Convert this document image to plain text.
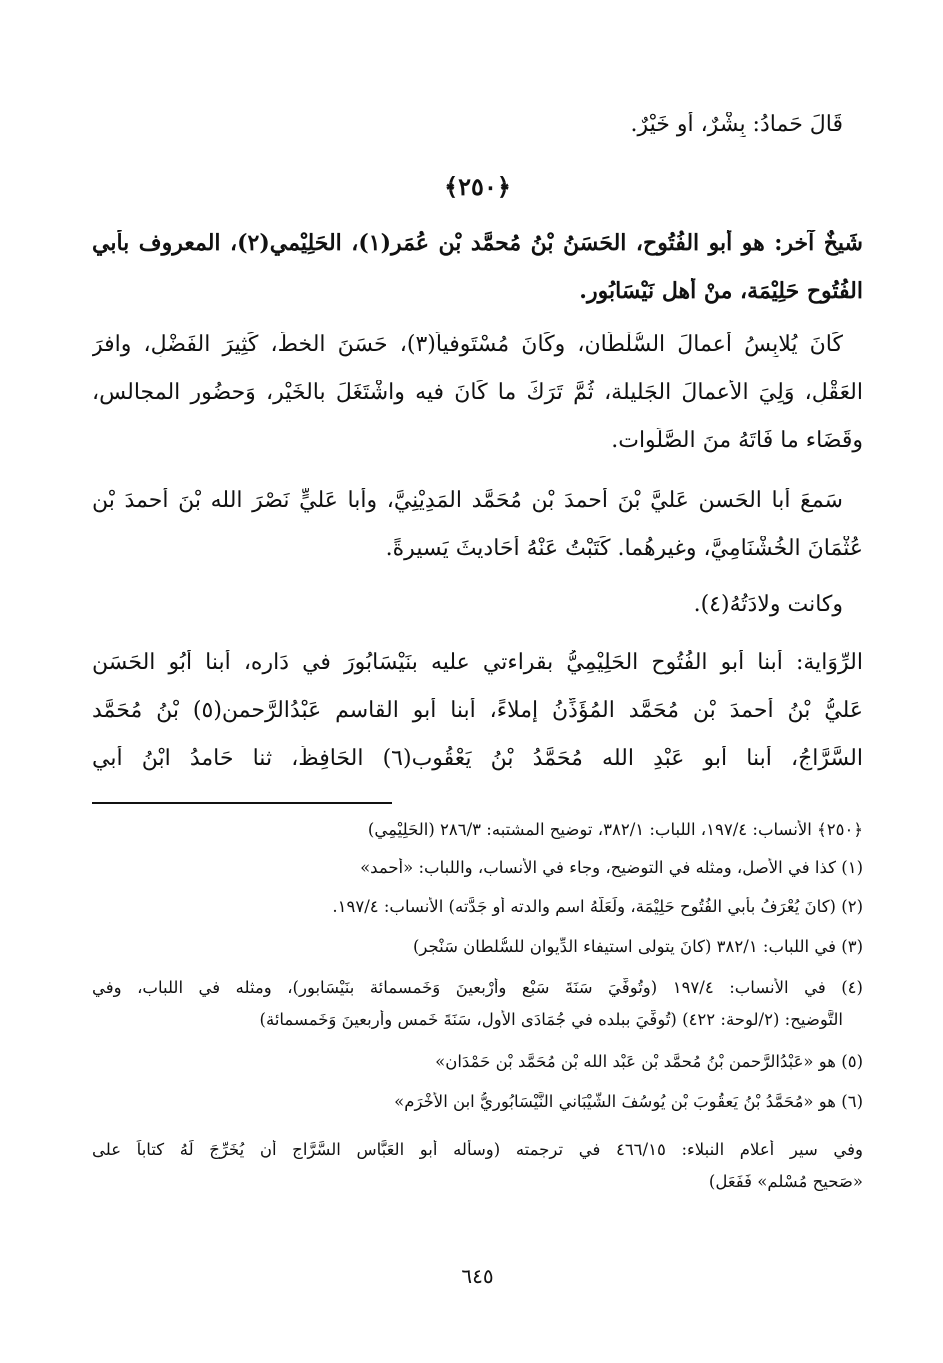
قَالَ حَمادُ: بِشْرٌ، أو خَيْرٌ.
﴿٢٥٠﴾
شَيخٌ آخر: هو أبو الفُتُوح، الحَسَنُ بْنُ مُحمَّد بْن عُمَر(١)، الحَلِيْمي(٢)، المعروف بأبي
الفُتُوح حَلِيْمَة، منْ أهل نَيْسَابُور.
كَانَ يُلابِسُ أعمالَ السُّلْطَان، وكَانَ مُسْتَوفياً(٣)، حَسَنَ الخطِّ، كَثِيرَ الفَضْلِ، وافرَ
العَقْلِ، وَلِيَ الأعمالَ الجَليلة، ثُمَّ تَرَكَ ما كَانَ فيه واشْتَغَلَ بالخَيْر، وَحضُور المجالسِ،
وقَضَاء ما فَاتَهُ منَ الصَّلَوات.
سَمعَ أبا الحَسن عَليَّ بْنَ أحمدَ بْن مُحَمَّد المَدِيْنِيَّ، وأبا عَليٍّ نَصْرَ الله بْنَ أحمدَ بْن
عُثْمَانَ الخُشْنَامِيَّ، وغيرهُما. كَتَبْتُ عَنْهُ أحَاديثَ يَسيرةً.
وكانت ولادَتُهُ(٤).
الرِّوَاية: أبنا أبو الفُتُوح الحَلِيْمِيُّ بقراءتي عليه بنَيْسَابُورَ في دَارِه، أبنا أبُو الحَسَن
عَليُّ بْنُ أحمدَ بْن مُحَمَّد المُؤَذِّنُ إملاءً، أبنا أبو القاسم عَبْدُالرَّحمن(٥) بْنُ مُحَمَّد
السَّرَّاجُ، أبنا أبو عَبْدِ الله مُحَمَّدُ بْنُ يَعْقُوب(٦) الحَافِظُ، ثنا حَامدُ ابْنُ أبي
﴿٢٥٠﴾ الأنساب: ١٩٧/٤، اللباب: ٣٨٢/١، توضيح المشتبه: ٢٨٦/٣ (الحَلِيْمِي)
(١) كذا في الأصل، ومثله في التوضيح، وجاء في الأنساب، واللباب: «أحمد»
(٢) (كانَ يُعْرَفُ بأبي الفُتُوحِ حَلِيْمَة، ولَعَلَّهُ اسم والدته أو جَدَّته) الأنساب: ١٩٧/٤.
(٣) في اللباب: ٣٨٢/١ (كانَ يتولى استيفاء الدِّيوان للسُّلطان سَنْجر)
(٤) في الأنساب: ١٩٧/٤ (وتُوفِّيَ سَنَةَ سَبْعٍ وأرْبعينَ وَخَمسمائة بنَيْسَابور)، ومثله في اللباب، وفي
التَّوضيح: (٢/لوحة: ٤٢٢) (تُوفِّيَ ببلده في جُمَادَى الأول، سَنَةَ خَمسٍ وأربعينَ وَخَمسمائة)
(٥) هو «عَبْدُالرَّحمن بْنُ مُحمَّد بْن عَبْد الله بْن مُحَمَّد بْن حَمْدَان»
(٦) هو «مُحَمَّدُ بْنُ يَعقُوبَ بْنِ يُوسُفَ الشَّيْبَاني النَّيْسَابُوريُّ ابن الأخْرَم»
وفي سير أعلام النبلاء: ٤٦٦/١٥ في ترجمته (وسأله أبو العَبَّاس السَّرَّاج أن يُخَرِّجَ لَهُ كتاباً على
«صَحيح مُسْلم» فَفَعَل)
٦٤٥
